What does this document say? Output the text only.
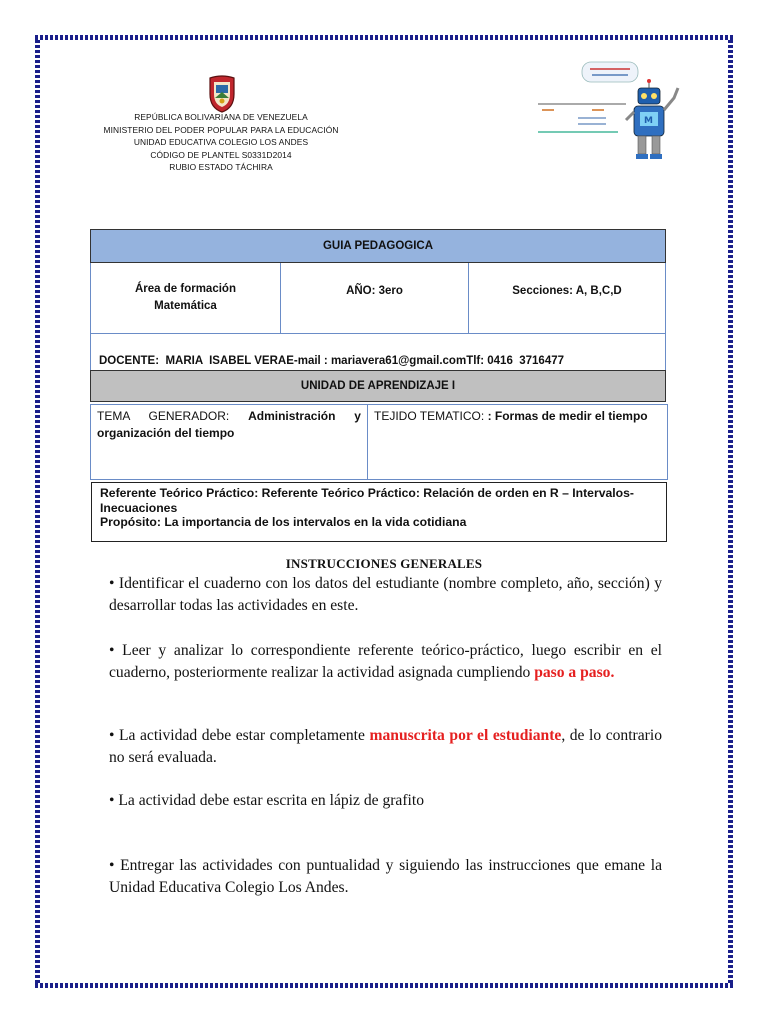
REPÚBLICA BOLIVARIANA DE VENEZUELA
MINISTERIO DEL PODER POPULAR PARA LA EDUCACIÓN
UNIDAD EDUCATIVA COLEGIO LOS ANDES
CÓDIGO DE PLANTEL S0331D2014
RUBIO ESTADO TÁCHIRA
M
GUIA PEDAGOGICA
Área de formación
Matemática
AÑO: 3ero	Secciones: A, B,C,D
DOCENTE:  MARIA  ISABEL VERA E-mail : mariavera61@gmail.com Tlf: 0416  3716477
UNIDAD DE APRENDIZAJE I
TEMA GENERADOR: Administración y organización del tiempo
TEJIDO TEMATICO: : Formas de medir el tiempo
Referente Teórico Práctico: Referente Teórico Práctico: Relación de orden en R – Intervalos- Inecuaciones
Propósito: La importancia de los intervalos en la vida cotidiana
INSTRUCCIONES GENERALES
• Identificar el cuaderno con los datos del estudiante (nombre completo, año, sección) y desarrollar todas las actividades en este.
• Leer y analizar lo correspondiente referente teórico-práctico, luego escribir en el cuaderno, posteriormente realizar la actividad asignada cumpliendo paso a paso.
• La actividad debe estar completamente manuscrita por el estudiante, de lo contrario no será evaluada.
• La actividad debe estar escrita en lápiz de grafito
• Entregar las actividades con puntualidad y siguiendo las instrucciones que emane la Unidad Educativa Colegio Los Andes.
